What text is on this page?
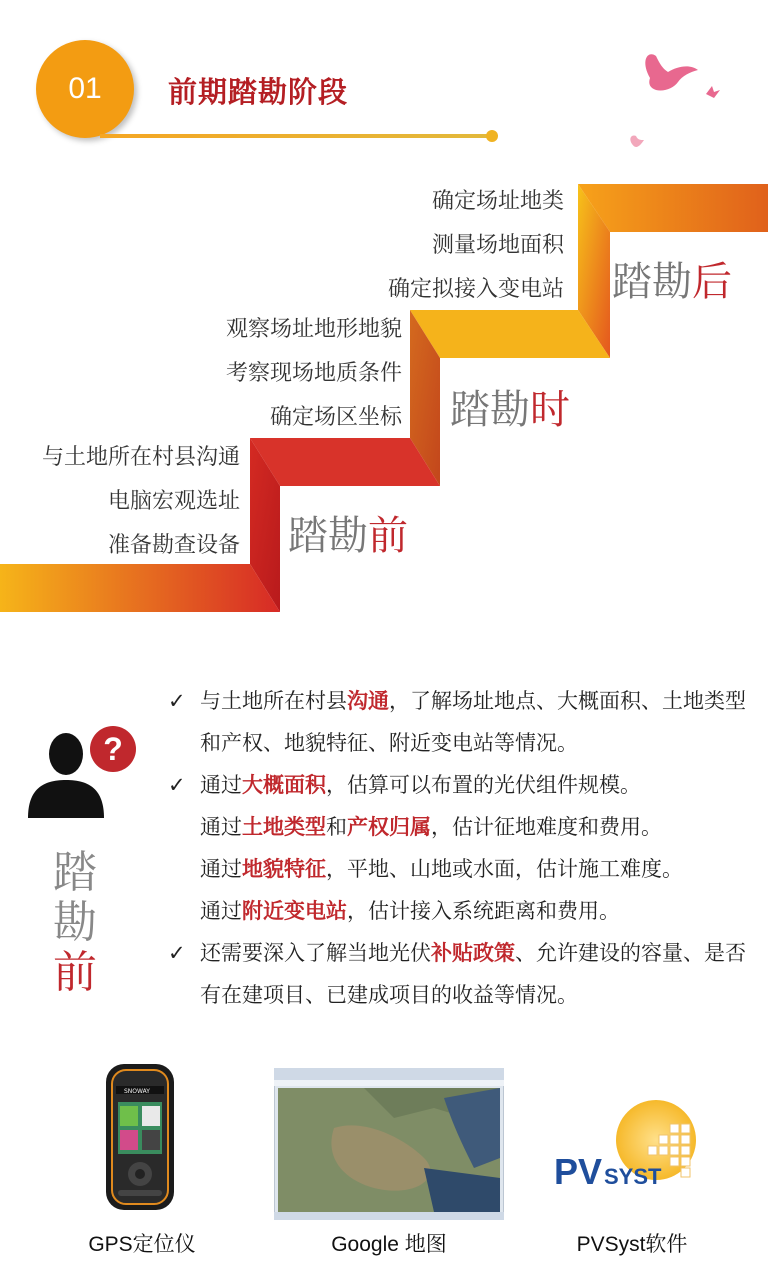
01	前期踏勘阶段
确定场址地类
测量场地面积
确定拟接入变电站 踏勘后
观察场址地形地貌
考察现场地质条件
确定场区坐标 踏勘时
与土地所在村县沟通
电脑宏观选址
准备勘查设备 踏勘前
?
踏
勘
前
✓ 与土地所在村县沟通，了解场址地点、大概面积、土地类型和产权、地貌特征、附近变电站等情况。
✓ 通过大概面积，估算可以布置的光伏组件规模。
通过土地类型和产权归属，估计征地难度和费用。
通过地貌特征，平地、山地或水面，估计施工难度。
通过附近变电站，估计接入系统距离和费用。
✓ 还需要深入了解当地光伏补贴政策、允许建设的容量、是否有在建项目、已建成项目的收益等情况。
SNOWAY
GPS定位仪	Google 地图
PV SYST
PVSyst软件
